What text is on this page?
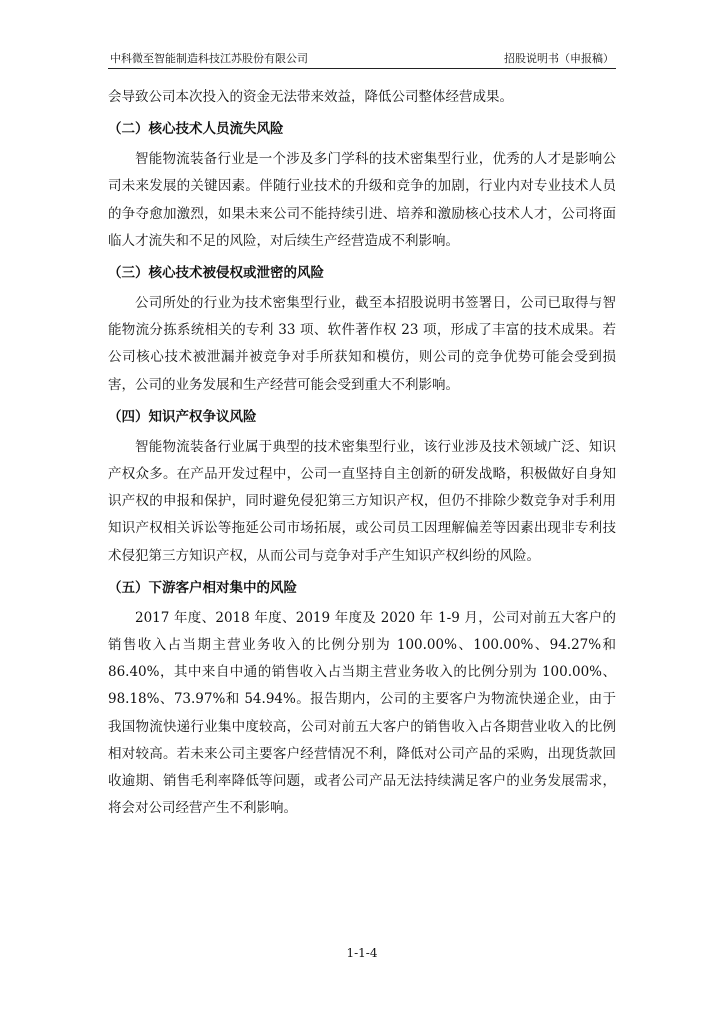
中科微至智能制造科技江苏股份有限公司	招股说明书（申报稿）

会导致公司本次投入的资金无法带来效益，降低公司整体经营成果。

（二）核心技术人员流失风险

智能物流装备行业是一个涉及多门学科的技术密集型行业，优秀的人才是影响公司未来发展的关键因素。伴随行业技术的升级和竞争的加剧，行业内对专业技术人员的争夺愈加激烈，如果未来公司不能持续引进、培养和激励核心技术人才，公司将面临人才流失和不足的风险，对后续生产经营造成不利影响。

（三）核心技术被侵权或泄密的风险

公司所处的行业为技术密集型行业，截至本招股说明书签署日，公司已取得与智能物流分拣系统相关的专利 33 项、软件著作权 23 项，形成了丰富的技术成果。若公司核心技术被泄漏并被竞争对手所获知和模仿，则公司的竞争优势可能会受到损害，公司的业务发展和生产经营可能会受到重大不利影响。

（四）知识产权争议风险

智能物流装备行业属于典型的技术密集型行业，该行业涉及技术领域广泛、知识产权众多。在产品开发过程中，公司一直坚持自主创新的研发战略，积极做好自身知识产权的申报和保护，同时避免侵犯第三方知识产权，但仍不排除少数竞争对手利用知识产权相关诉讼等拖延公司市场拓展，或公司员工因理解偏差等因素出现非专利技术侵犯第三方知识产权，从而公司与竞争对手产生知识产权纠纷的风险。

（五）下游客户相对集中的风险

2017 年度、2018 年度、2019 年度及 2020 年 1-9 月，公司对前五大客户的销售收入占当期主营业务收入的比例分别为 100.00%、100.00%、94.27%和 86.40%，其中来自中通的销售收入占当期主营业务收入的比例分别为 100.00%、98.18%、73.97%和 54.94%。报告期内，公司的主要客户为物流快递企业，由于我国物流快递行业集中度较高，公司对前五大客户的销售收入占各期营业收入的比例相对较高。若未来公司主要客户经营情况不利，降低对公司产品的采购，出现货款回收逾期、销售毛利率降低等问题，或者公司产品无法持续满足客户的业务发展需求，将会对公司经营产生不利影响。

1-1-4
